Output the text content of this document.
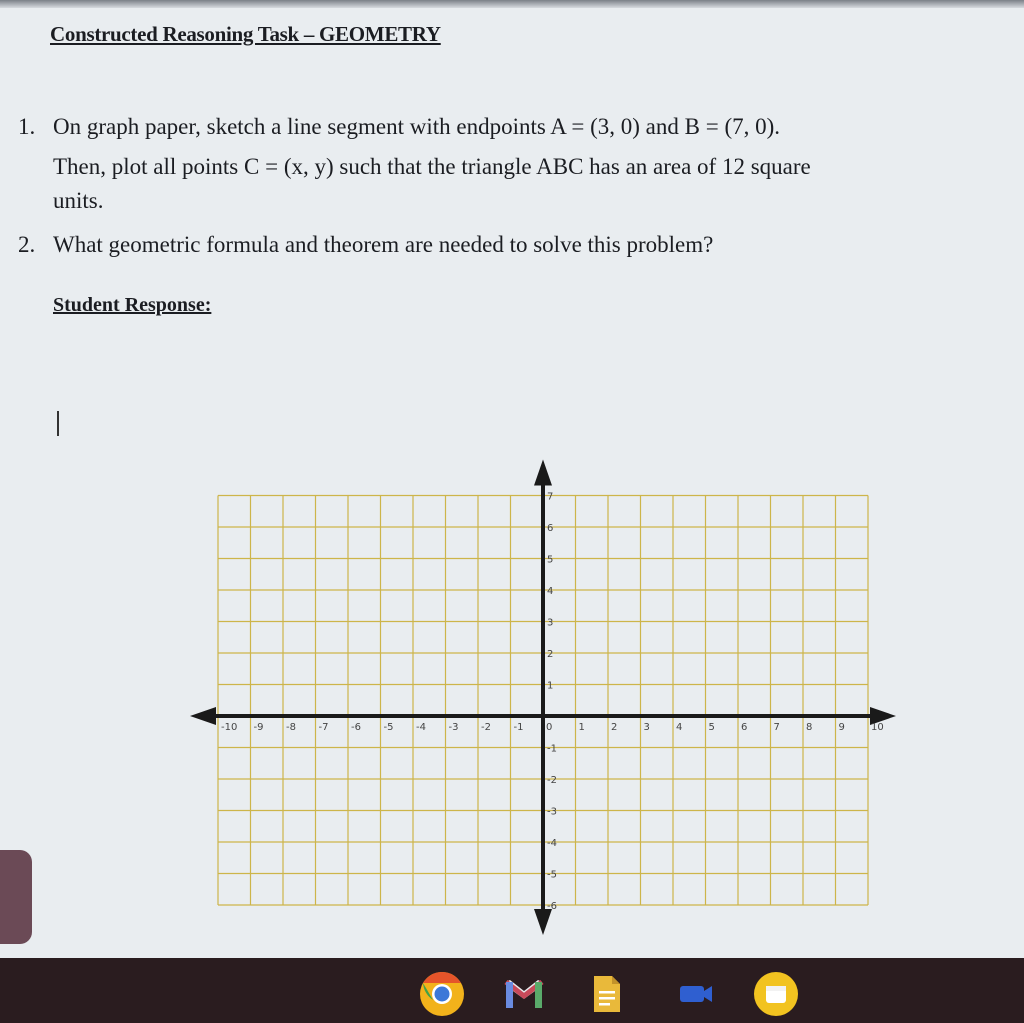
Constructed Reasoning Task – GEOMETRY
1. On graph paper, sketch a line segment with endpoints A = (3, 0) and B = (7, 0).
Then, plot all points C = (x, y) such that the triangle ABC has an area of 12 square
units.
2. What geometric formula and theorem are needed to solve this problem?
Student Response:
-10 -9 -8 -7 -6 -5 -4 -3 -2 -1 0	1	2	3	4	5	6	7	8	9	10
7
6
5
4
3
2
1
-1
-2
-3
-4
-5
-6
